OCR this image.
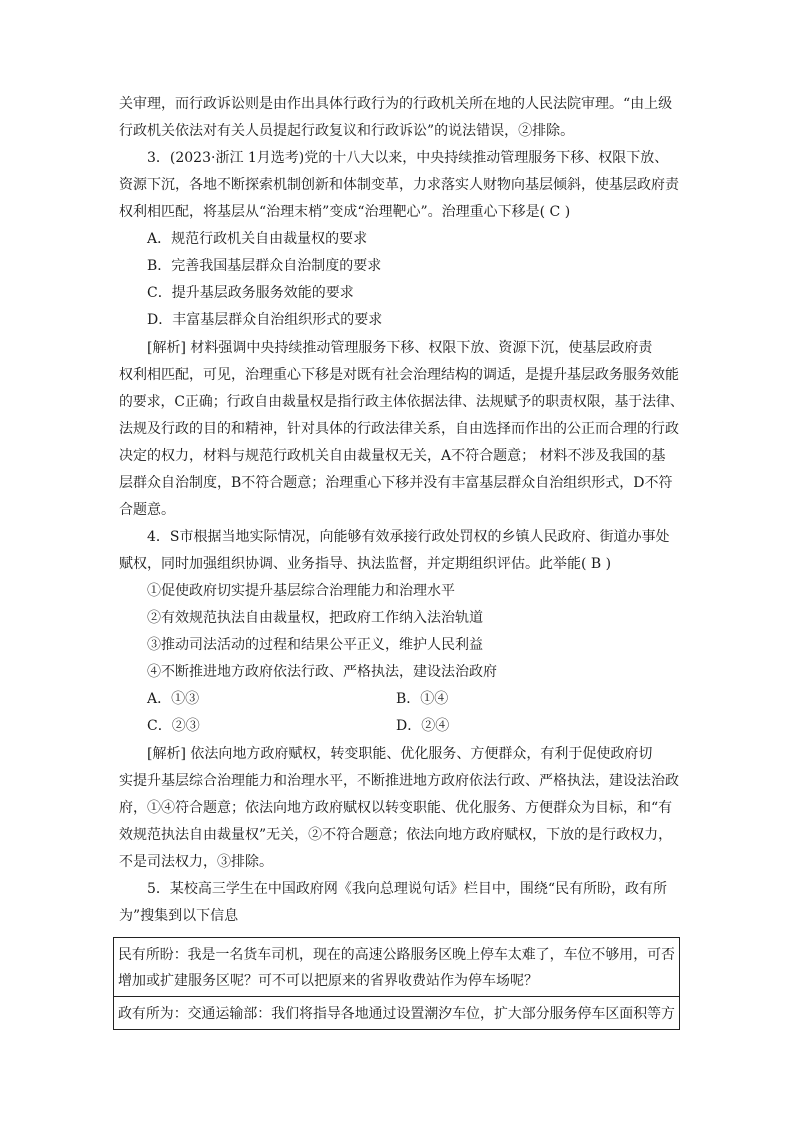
关审理，而行政诉讼则是由作出具体行政行为的行政机关所在地的人民法院审理。“由上级
行政机关依法对有关人员提起行政复议和行政诉讼”的说法错误，②排除。
3．(2023·浙江 1月选考)党的十八大以来，中央持续推动管理服务下移、权限下放、
资源下沉，各地不断探索机制创新和体制变革，力求落实人财物向基层倾斜，使基层政府责
权利相匹配，将基层从“治理末梢”变成“治理靶心”。治理重心下移是( C )
A．规范行政机关自由裁量权的要求
B．完善我国基层群众自治制度的要求
C．提升基层政务服务效能的要求
D．丰富基层群众自治组织形式的要求
[解析] 材料强调中央持续推动管理服务下移、权限下放、资源下沉，使基层政府责
权利相匹配，可见，治理重心下移是对既有社会治理结构的调适，是提升基层政务服务效能
的要求，C正确；行政自由裁量权是指行政主体依据法律、法规赋予的职责权限，基于法律、
法规及行政的目的和精神，针对具体的行政法律关系，自由选择而作出的公正而合理的行政
决定的权力，材料与规范行政机关自由裁量权无关，A不符合题意； 材料不涉及我国的基
层群众自治制度，B不符合题意；治理重心下移并没有丰富基层群众自治组织形式，D不符
合题意。
4．S市根据当地实际情况，向能够有效承接行政处罚权的乡镇人民政府、街道办事处
赋权，同时加强组织协调、业务指导、执法监督，并定期组织评估。此举能( B )
①促使政府切实提升基层综合治理能力和治理水平
②有效规范执法自由裁量权，把政府工作纳入法治轨道
③推动司法活动的过程和结果公平正义，维护人民利益
④不断推进地方政府依法行政、严格执法，建设法治政府
A．①③	B．①④
C．②③	D．②④
[解析] 依法向地方政府赋权，转变职能、优化服务、方便群众，有利于促使政府切
实提升基层综合治理能力和治理水平，不断推进地方政府依法行政、严格执法，建设法治政
府，①④符合题意；依法向地方政府赋权以转变职能、优化服务、方便群众为目标，和“有
效规范执法自由裁量权”无关，②不符合题意；依法向地方政府赋权，下放的是行政权力，
不是司法权力，③排除。
5．某校高三学生在中国政府网《我向总理说句话》栏目中，围绕“民有所盼，政有所
为”搜集到以下信息
民有所盼：我是一名货车司机，现在的高速公路服务区晚上停车太难了，车位不够用，可否
增加或扩建服务区呢？可不可以把原来的省界收费站作为停车场呢？
政有所为：交通运输部：我们将指导各地通过设置潮汐车位，扩大部分服务停车区面积等方
